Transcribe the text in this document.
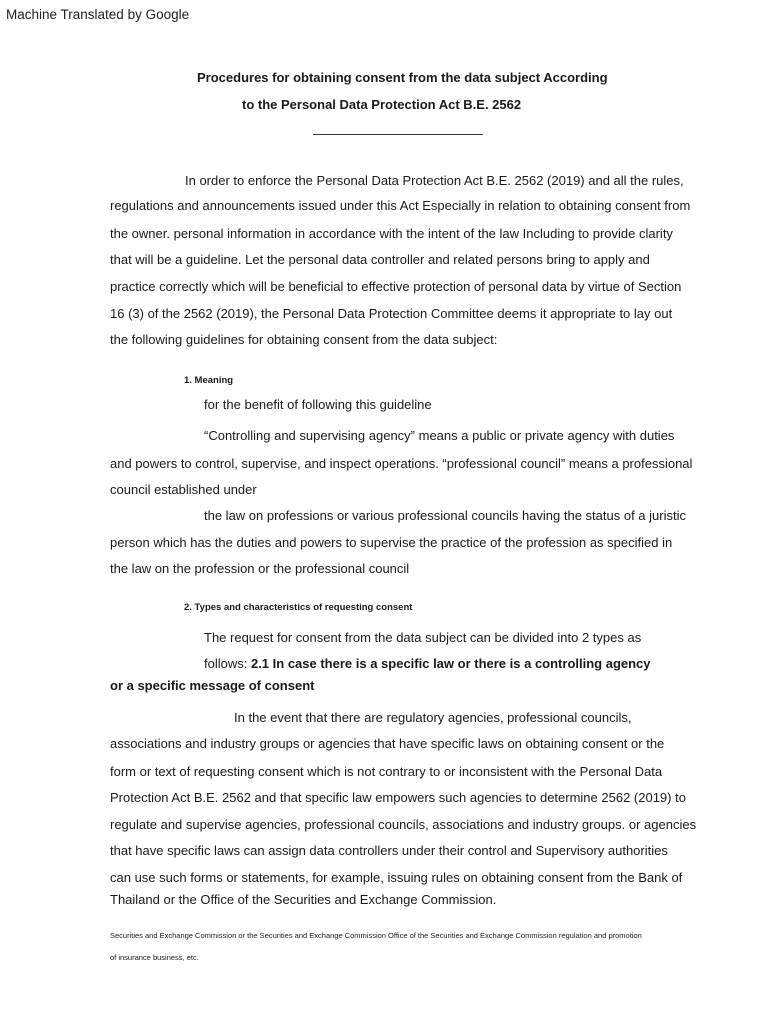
Machine Translated by Google
Procedures for obtaining consent from the data subject According
to the Personal Data Protection Act B.E. 2562
In order to enforce the Personal Data Protection Act B.E. 2562 (2019) and all the rules,
regulations and announcements issued under this Act Especially in relation to obtaining consent from
the owner. personal information in accordance with the intent of the law Including to provide clarity
that will be a guideline. Let the personal data controller and related persons bring to apply and
practice correctly which will be beneficial to effective protection of personal data by virtue of Section
16 (3) of the 2562 (2019), the Personal Data Protection Committee deems it appropriate to lay out
the following guidelines for obtaining consent from the data subject:
1. Meaning
for the benefit of following this guideline
“Controlling and supervising agency” means a public or private agency with duties
and powers to control, supervise, and inspect operations. “professional council” means a professional
council established under
the law on professions or various professional councils having the status of a juristic
person which has the duties and powers to supervise the practice of the profession as specified in
the law on the profession or the professional council
2. Types and characteristics of requesting consent
The request for consent from the data subject can be divided into 2 types as
follows: 2.1 In case there is a specific law or there is a controlling agency
or a specific message of consent
In the event that there are regulatory agencies, professional councils,
associations and industry groups or agencies that have specific laws on obtaining consent or the
form or text of requesting consent which is not contrary to or inconsistent with the Personal Data
Protection Act B.E. 2562 and that specific law empowers such agencies to determine 2562 (2019) to
regulate and supervise agencies, professional councils, associations and industry groups. or agencies
that have specific laws can assign data controllers under their control and Supervisory authorities
can use such forms or statements, for example, issuing rules on obtaining consent from the Bank of
Thailand or the Office of the Securities and Exchange Commission.
Securities and Exchange Commission or the Securities and Exchange Commission Office of the Securities and Exchange Commission regulation and promotion
of insurance business, etc.
